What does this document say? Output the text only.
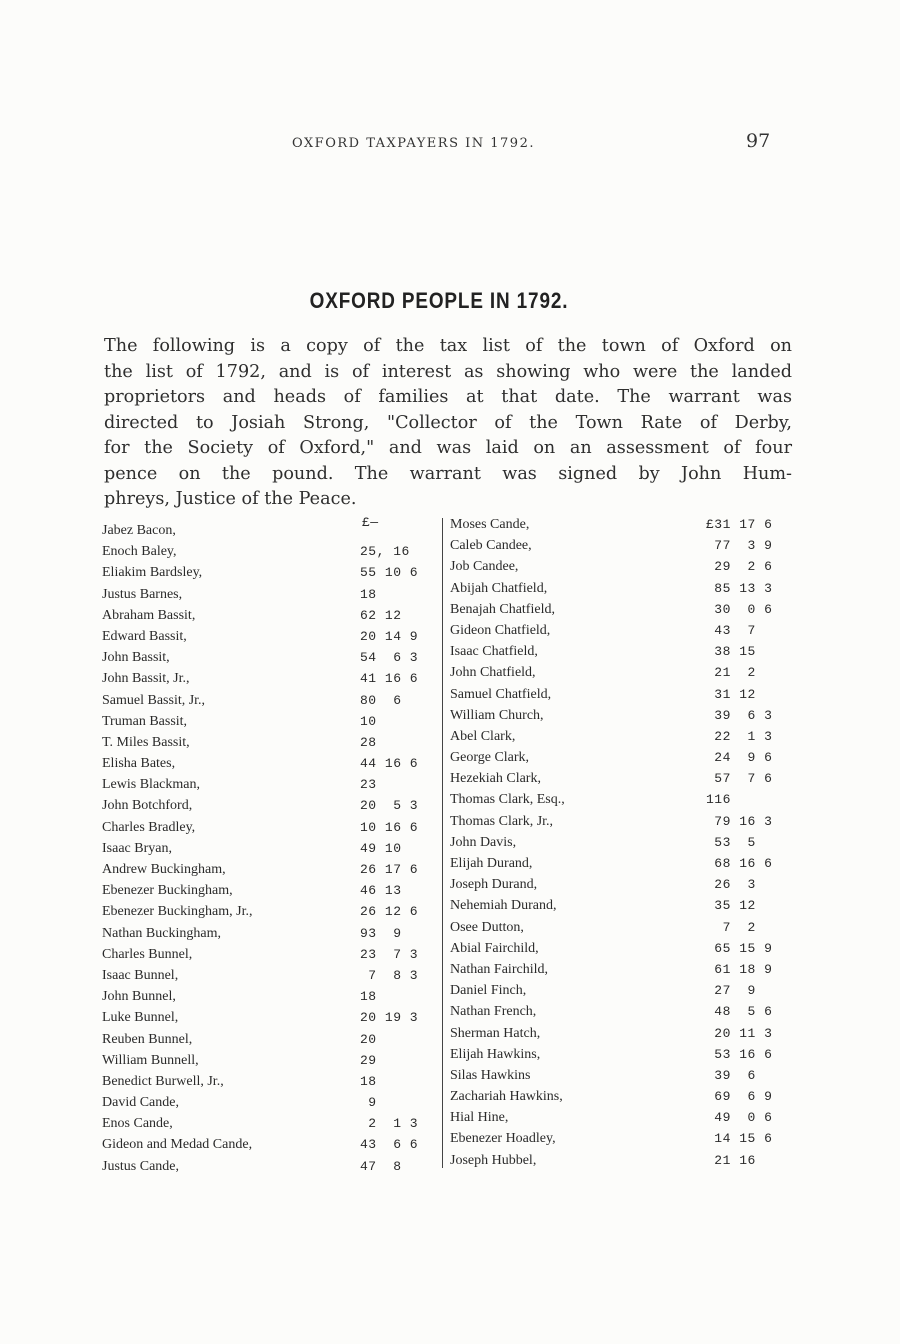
OXFORD TAXPAYERS IN 1792.	97
OXFORD PEOPLE IN 1792.

The following is a copy of the tax list of the town of Oxford on
the list of 1792, and is of interest as showing who were the landed
proprietors and heads of families at that date. The warrant was
directed to Josiah Strong, "Collector of the Town Rate of Derby,
for the Society of Oxford," and was laid on an assessment of four
pence on the pound. The warrant was signed by John Hum-
phreys, Justice of the Peace.

£—
Jabez Bacon,
Enoch Baley,	25, 16
Eliakim Bardsley,	55 10 6
Justus Barnes,	18
Abraham Bassit,	62 12
Edward Bassit,	20 14 9
John Bassit,	54  6 3
John Bassit, Jr.,	41 16 6
Samuel Bassit, Jr.,	80  6
Truman Bassit,	10
T. Miles Bassit,	28
Elisha Bates,	44 16 6
Lewis Blackman,	23
John Botchford,	20  5 3
Charles Bradley,	10 16 6
Isaac Bryan,	49 10
Andrew Buckingham,	26 17 6
Ebenezer Buckingham,	46 13
Ebenezer Buckingham, Jr.,	26 12 6
Nathan Buckingham,	93  9
Charles Bunnel,	23  7 3
Isaac Bunnel,	7  8 3
John Bunnel,	18
Luke Bunnel,	20 19 3
Reuben Bunnel,	20
William Bunnell,	29
Benedict Burwell, Jr.,	18
David Cande,	9
Enos Cande,	2  1 3
Gideon and Medad Cande,	43  6 6
Justus Cande,	47  8
Moses Cande,	£31 17 6
Caleb Candee,	77  3 9
Job Candee,	29  2 6
Abijah Chatfield,	85 13 3
Benajah Chatfield,	30  0 6
Gideon Chatfield,	43  7
Isaac Chatfield,	38 15
John Chatfield,	21  2
Samuel Chatfield,	31 12
William Church,	39  6 3
Abel Clark,	22  1 3
George Clark,	24  9 6
Hezekiah Clark,	57  7 6
Thomas Clark, Esq.,	116
Thomas Clark, Jr.,	79 16 3
John Davis,	53  5
Elijah Durand,	68 16 6
Joseph Durand,	26  3
Nehemiah Durand,	35 12
Osee Dutton,	7  2
Abial Fairchild,	65 15 9
Nathan Fairchild,	61 18 9
Daniel Finch,	27  9
Nathan French,	48  5 6
Sherman Hatch,	20 11 3
Elijah Hawkins,	53 16 6
Silas Hawkins	39  6
Zachariah Hawkins,	69  6 9
Hial Hine,	49  0 6
Ebenezer Hoadley,	14 15 6
Joseph Hubbel,	21 16
